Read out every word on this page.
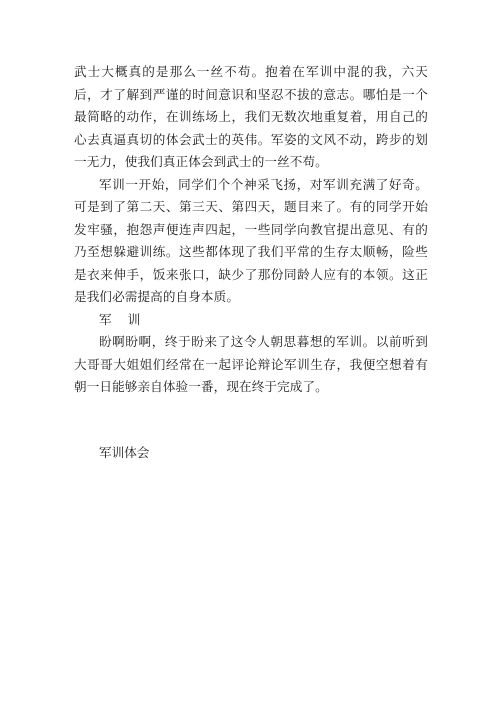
武士大概真的是那么一丝不苟。抱着在军训中混的我，六天后，才了解到严谨的时间意识和坚忍不拔的意志。哪怕是一个最简略的动作，在训练场上，我们无数次地重复着，用自己的心去真逼真切的体会武士的英伟。军姿的文风不动，跨步的划一无力，使我们真正体会到武士的一丝不苟。

军训一开始，同学们个个神采飞扬，对军训充满了好奇。可是到了第二天、第三天、第四天，题目来了。有的同学开始发牢骚，抱怨声便连声四起，一些同学向教官提出意见、有的乃至想躲避训练。这些都体现了我们平常的生存太顺畅，险些是衣来伸手，饭来张口，缺少了那份同龄人应有的本领。这正是我们必需提高的自身本质。

军 训

盼啊盼啊，终于盼来了这令人朝思暮想的军训。以前听到大哥哥大姐姐们经常在一起评论辩论军训生存，我便空想着有朝一日能够亲自体验一番，现在终于完成了。

军训体会
